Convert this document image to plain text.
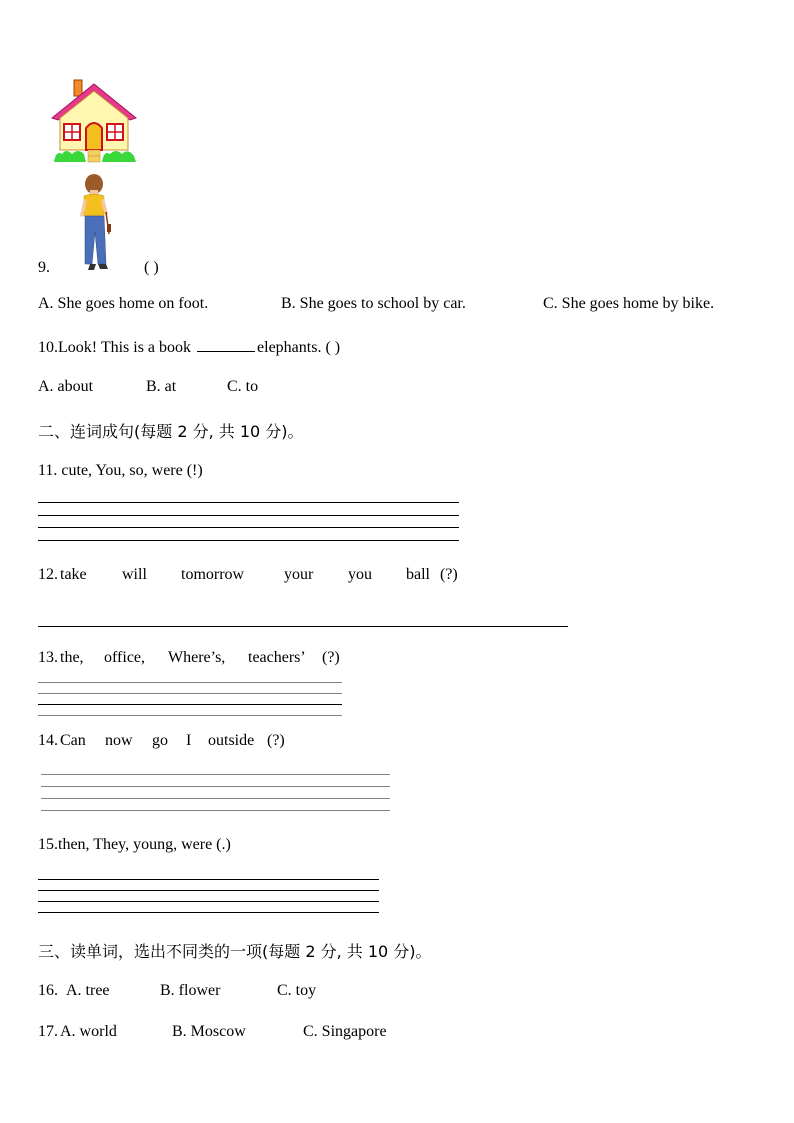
9.	( )
A. She goes home on foot.	B. She goes to school by car.	C. She goes home by bike.
10.Look! This is a book	elephants. ( )
A. about	B. at	C. to
二、连词成句(每题 2 分, 共 10 分)。
11. cute, You, so, were (!)
12. take will tomorrow your you ball (?)
13. the, office, Where’s, teachers’ (?)
14. Can now go I outside (?)
15.then, They, young, were (.)
三、读单词，选出不同类的一项(每题 2 分, 共 10 分)。
16. A. tree	B. flower	C. toy
17. A. world	B. Moscow	C. Singapore
